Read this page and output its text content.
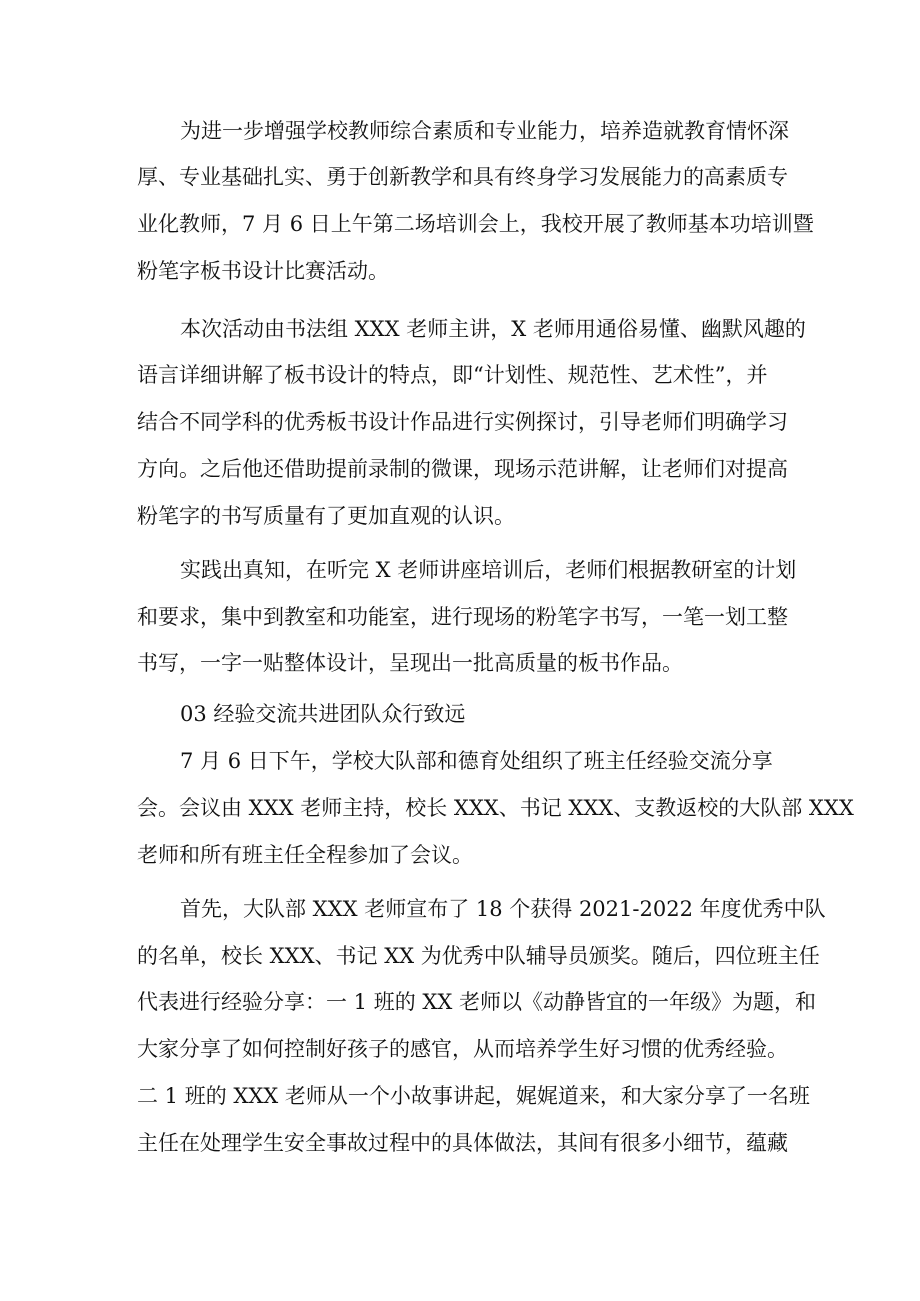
为进一步增强学校教师综合素质和专业能力，培养造就教育情怀深
厚、专业基础扎实、勇于创新教学和具有终身学习发展能力的高素质专
业化教师，7 月 6 日上午第二场培训会上，我校开展了教师基本功培训暨
粉笔字板书设计比赛活动。
本次活动由书法组 XXX 老师主讲，X 老师用通俗易懂、幽默风趣的
语言详细讲解了板书设计的特点，即“计划性、规范性、艺术性”，并
结合不同学科的优秀板书设计作品进行实例探讨，引导老师们明确学习
方向。之后他还借助提前录制的微课，现场示范讲解，让老师们对提高
粉笔字的书写质量有了更加直观的认识。
实践出真知，在听完 X 老师讲座培训后，老师们根据教研室的计划
和要求，集中到教室和功能室，进行现场的粉笔字书写，一笔一划工整
书写，一字一贴整体设计，呈现出一批高质量的板书作品。
03 经验交流共进团队众行致远
7 月 6 日下午，学校大队部和德育处组织了班主任经验交流分享
会。会议由 XXX 老师主持，校长 XXX、书记 XXX、支教返校的大队部 XXX
老师和所有班主任全程参加了会议。
首先，大队部 XXX 老师宣布了 18 个获得 2021-2022 年度优秀中队
的名单，校长 XXX、书记 XX 为优秀中队辅导员颁奖。随后，四位班主任
代表进行经验分享：一 1 班的 XX 老师以《动静皆宜的一年级》为题，和
大家分享了如何控制好孩子的感官，从而培养学生好习惯的优秀经验。
二 1 班的 XXX 老师从一个小故事讲起，娓娓道来，和大家分享了一名班
主任在处理学生安全事故过程中的具体做法，其间有很多小细节，蕴藏
